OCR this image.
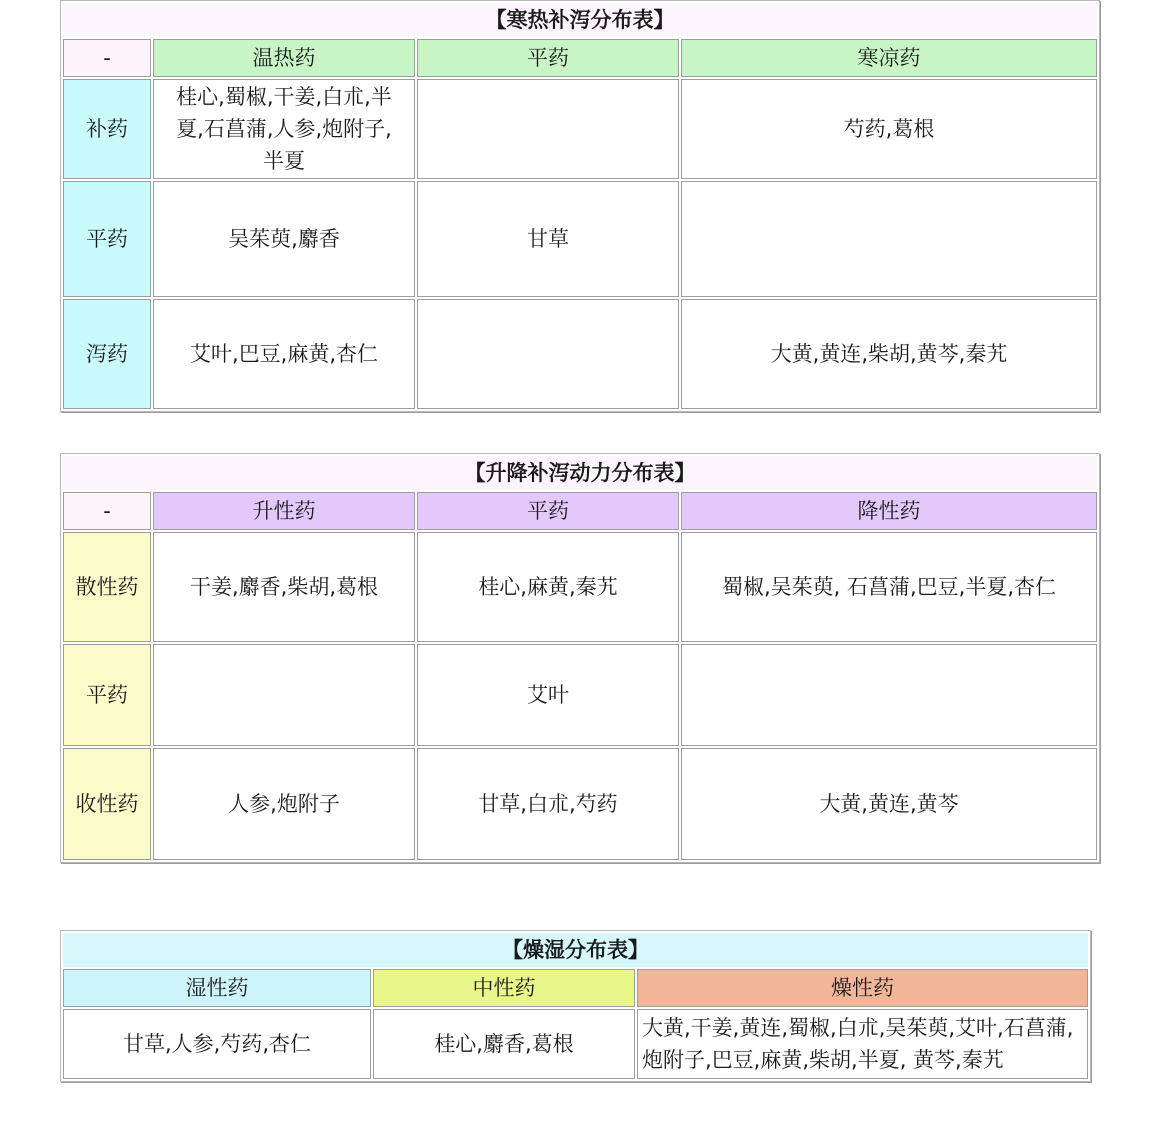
【寒热补泻分布表】			
-	温热药	平药	寒凉药
补药	桂心,蜀椒,干姜,白朮,半夏,石菖蒲,人参,炮附子,半夏		芍药,葛根
平药	吴茱萸,麝香	甘草	
泻药	艾叶,巴豆,麻黄,杏仁		大黄,黄连,柴胡,黄芩,秦艽
【升降补泻动力分布表】			
-	升性药	平药	降性药
散性药	干姜,麝香,柴胡,葛根	桂心,麻黄,秦艽	蜀椒,吴茱萸, 石菖蒲,巴豆,半夏,杏仁
平药		艾叶	
收性药	人参,炮附子	甘草,白朮,芍药	大黄,黄连,黄芩
【燥湿分布表】		
湿性药	中性药	燥性药
甘草,人参,芍药,杏仁	桂心,麝香,葛根	大黄,干姜,黄连,蜀椒,白朮,吴茱萸,艾叶,石菖蒲,炮附子,巴豆,麻黄,柴胡,半夏, 黄芩,秦艽
